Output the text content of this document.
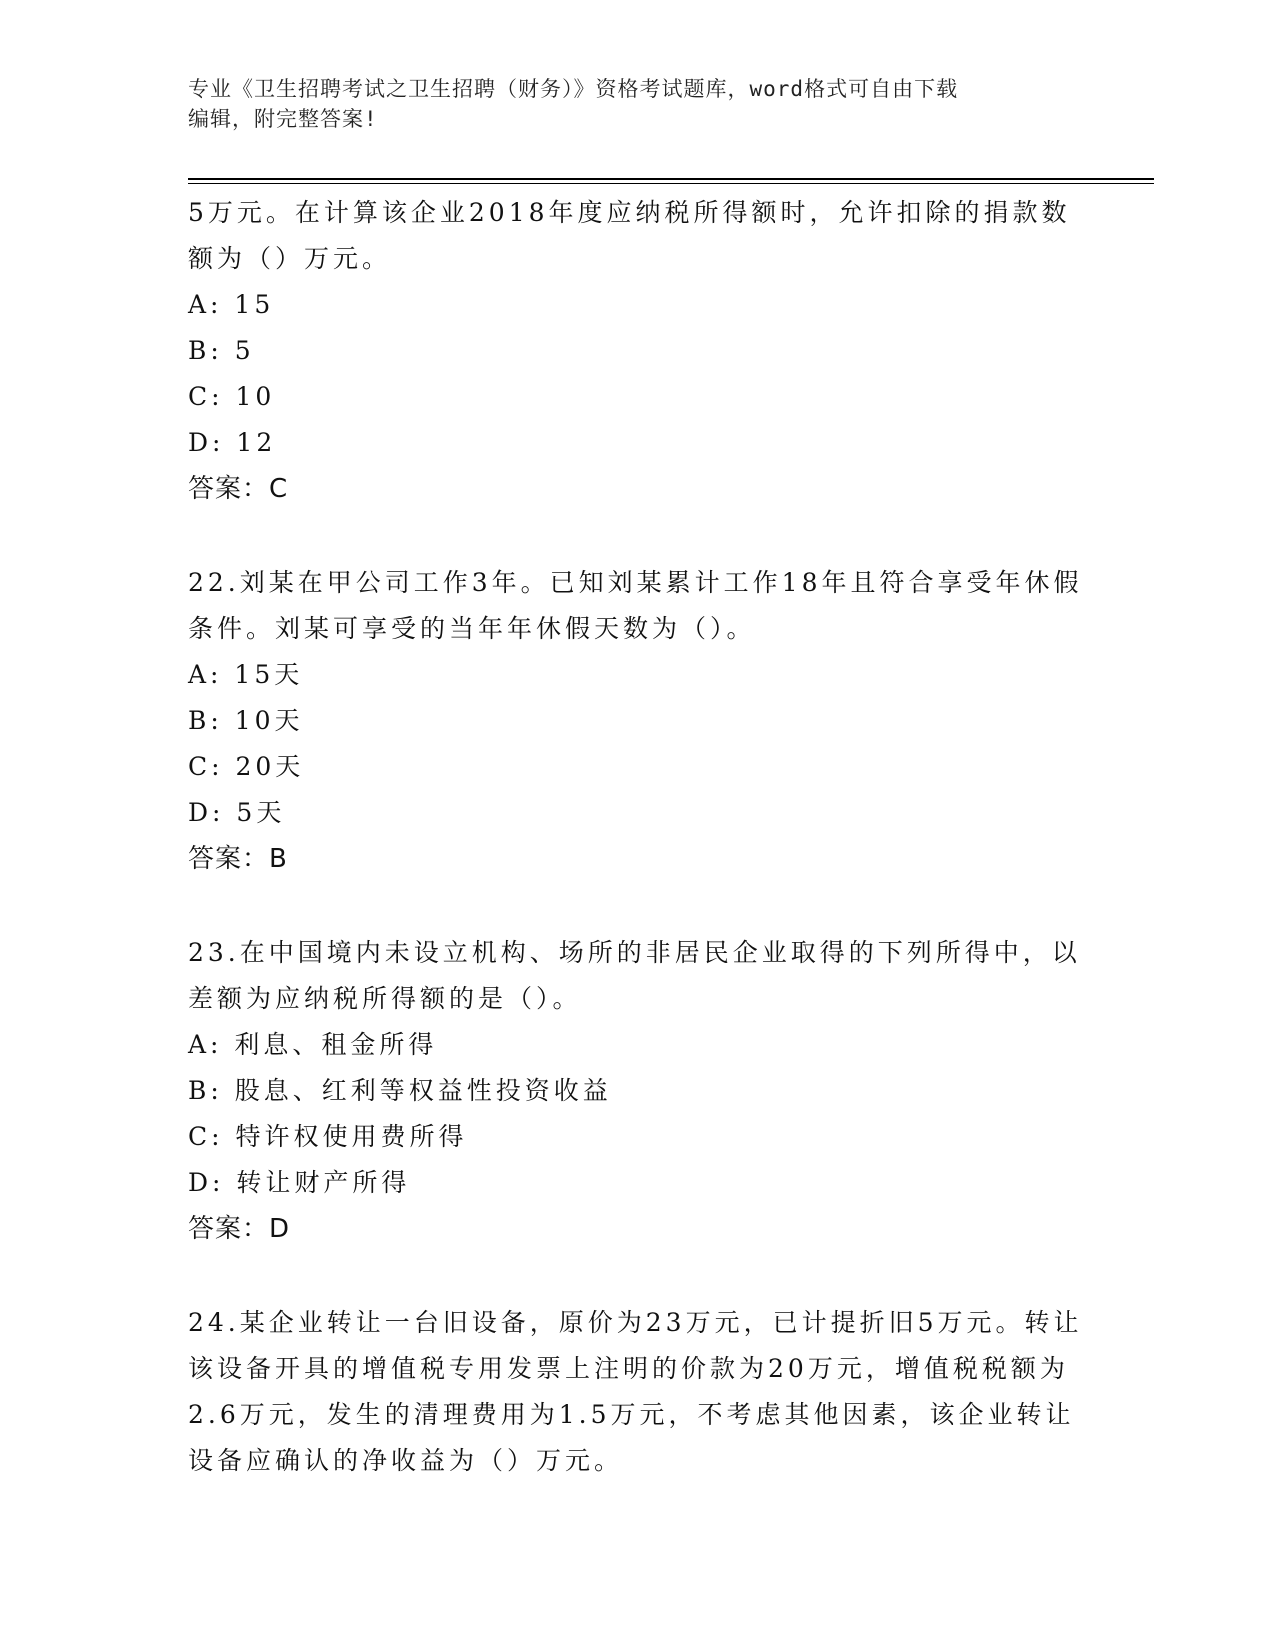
专业《卫生招聘考试之卫生招聘（财务）》资格考试题库，word格式可自由下载
编辑，附完整答案!
5万元。在计算该企业2018年度应纳税所得额时，允许扣除的捐款数额为（）万元。
A: 15
B: 5
C: 10
D: 12
答案：C
22.刘某在甲公司工作3年。已知刘某累计工作18年且符合享受年休假条件。刘某可享受的当年年休假天数为（）。
A: 15天
B: 10天
C: 20天
D: 5天
答案：B
23.在中国境内未设立机构、场所的非居民企业取得的下列所得中，以差额为应纳税所得额的是（）。
A: 利息、租金所得
B: 股息、红利等权益性投资收益
C: 特许权使用费所得
D: 转让财产所得
答案：D
24.某企业转让一台旧设备，原价为23万元，已计提折旧5万元。转让该设备开具的增值税专用发票上注明的价款为20万元，增值税税额为2.6万元，发生的清理费用为1.5万元，不考虑其他因素，该企业转让设备应确认的净收益为（）万元。
